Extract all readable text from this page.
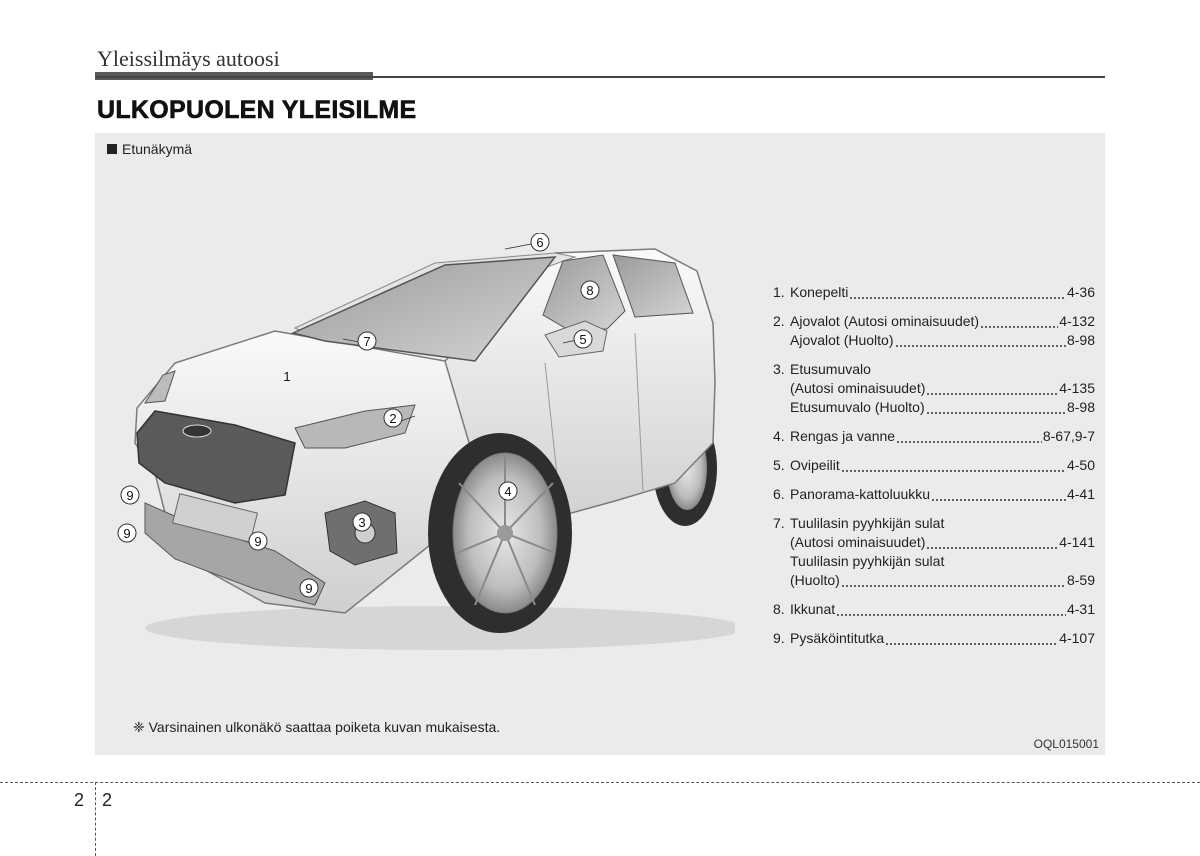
Yleissilmäys autoosi
ULKOPUOLEN YLEISILME
Etunäkymä
6
8
7	5
1
2
4
3
9
9
9
9
1. Konepelti	4-36
2. Ajovalot (Autosi ominaisuudet)	4-132
Ajovalot (Huolto)	8-98
3. Etusumuvalo
(Autosi ominaisuudet)	4-135
Etusumuvalo (Huolto)	8-98
4. Rengas ja vanne	8-67,9-7
5. Ovipeilit	4-50
6. Panorama-kattoluukku	4-41
7. Tuulilasin pyyhkijän sulat
(Autosi ominaisuudet)	4-141
Tuulilasin pyyhkijän sulat
(Huolto)	8-59
8. Ikkunat	4-31
9. Pysäköintitutka	4-107
❈ Varsinainen ulkonäkö saattaa poiketa kuvan mukaisesta.
OQL015001
2 2
